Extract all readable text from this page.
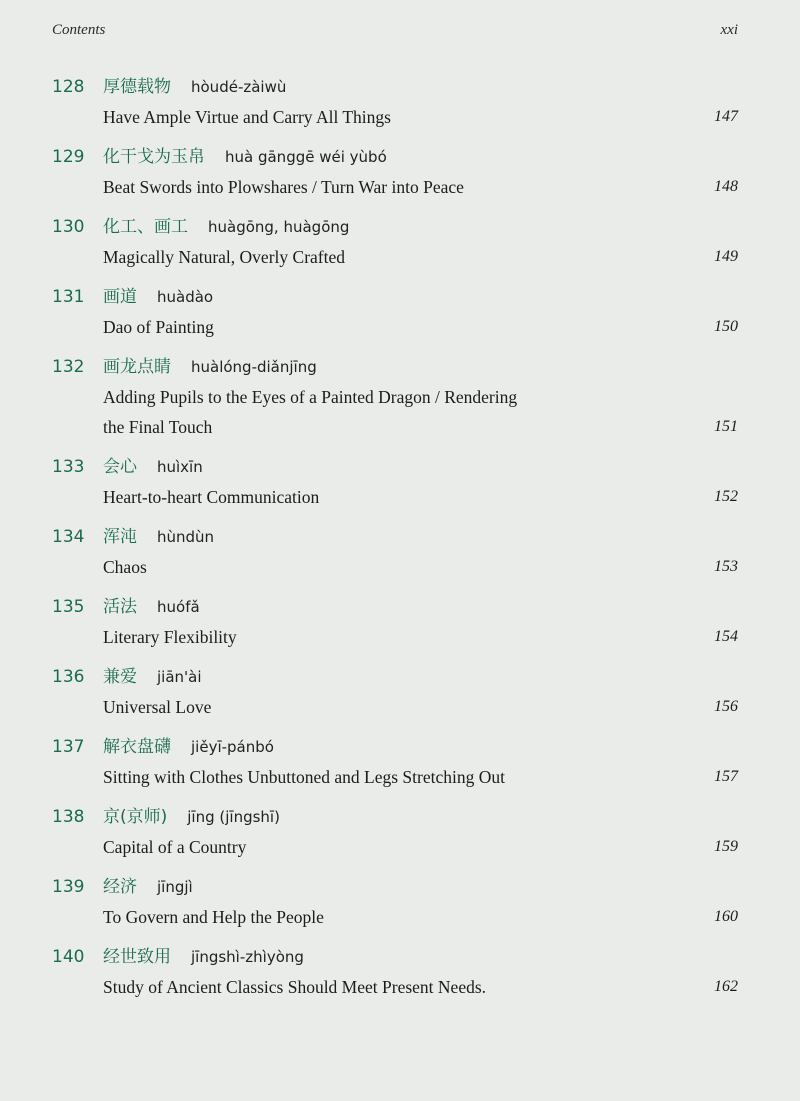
Contents	xxi
128	厚德载物 hòudé-zàiwù
Have Ample Virtue and Carry All Things	147
129	化干戈为玉帛 huà gānggē wéi yùbó
Beat Swords into Plowshares / Turn War into Peace	148
130	化工、画工 huàgōng, huàgōng
Magically Natural, Overly Crafted	149
131	画道 huàdào
Dao of Painting	150
132	画龙点睛 huàlóng-diǎnjīng
Adding Pupils to the Eyes of a Painted Dragon / Rendering
the Final Touch	151
133	会心 huìxīn
Heart-to-heart Communication	152
134	浑沌 hùndùn
Chaos	153
135	活法 huófǎ
Literary Flexibility	154
136	兼爱 jiān'ài
Universal Love	156
137	解衣盘礴 jiěyī-pánbó
Sitting with Clothes Unbuttoned and Legs Stretching Out	157
138	京(京师) jīng (jīngshī)
Capital of a Country	159
139	经济 jīngjì
To Govern and Help the People	160
140	经世致用 jīngshì-zhìyòng
Study of Ancient Classics Should Meet Present Needs.	162
